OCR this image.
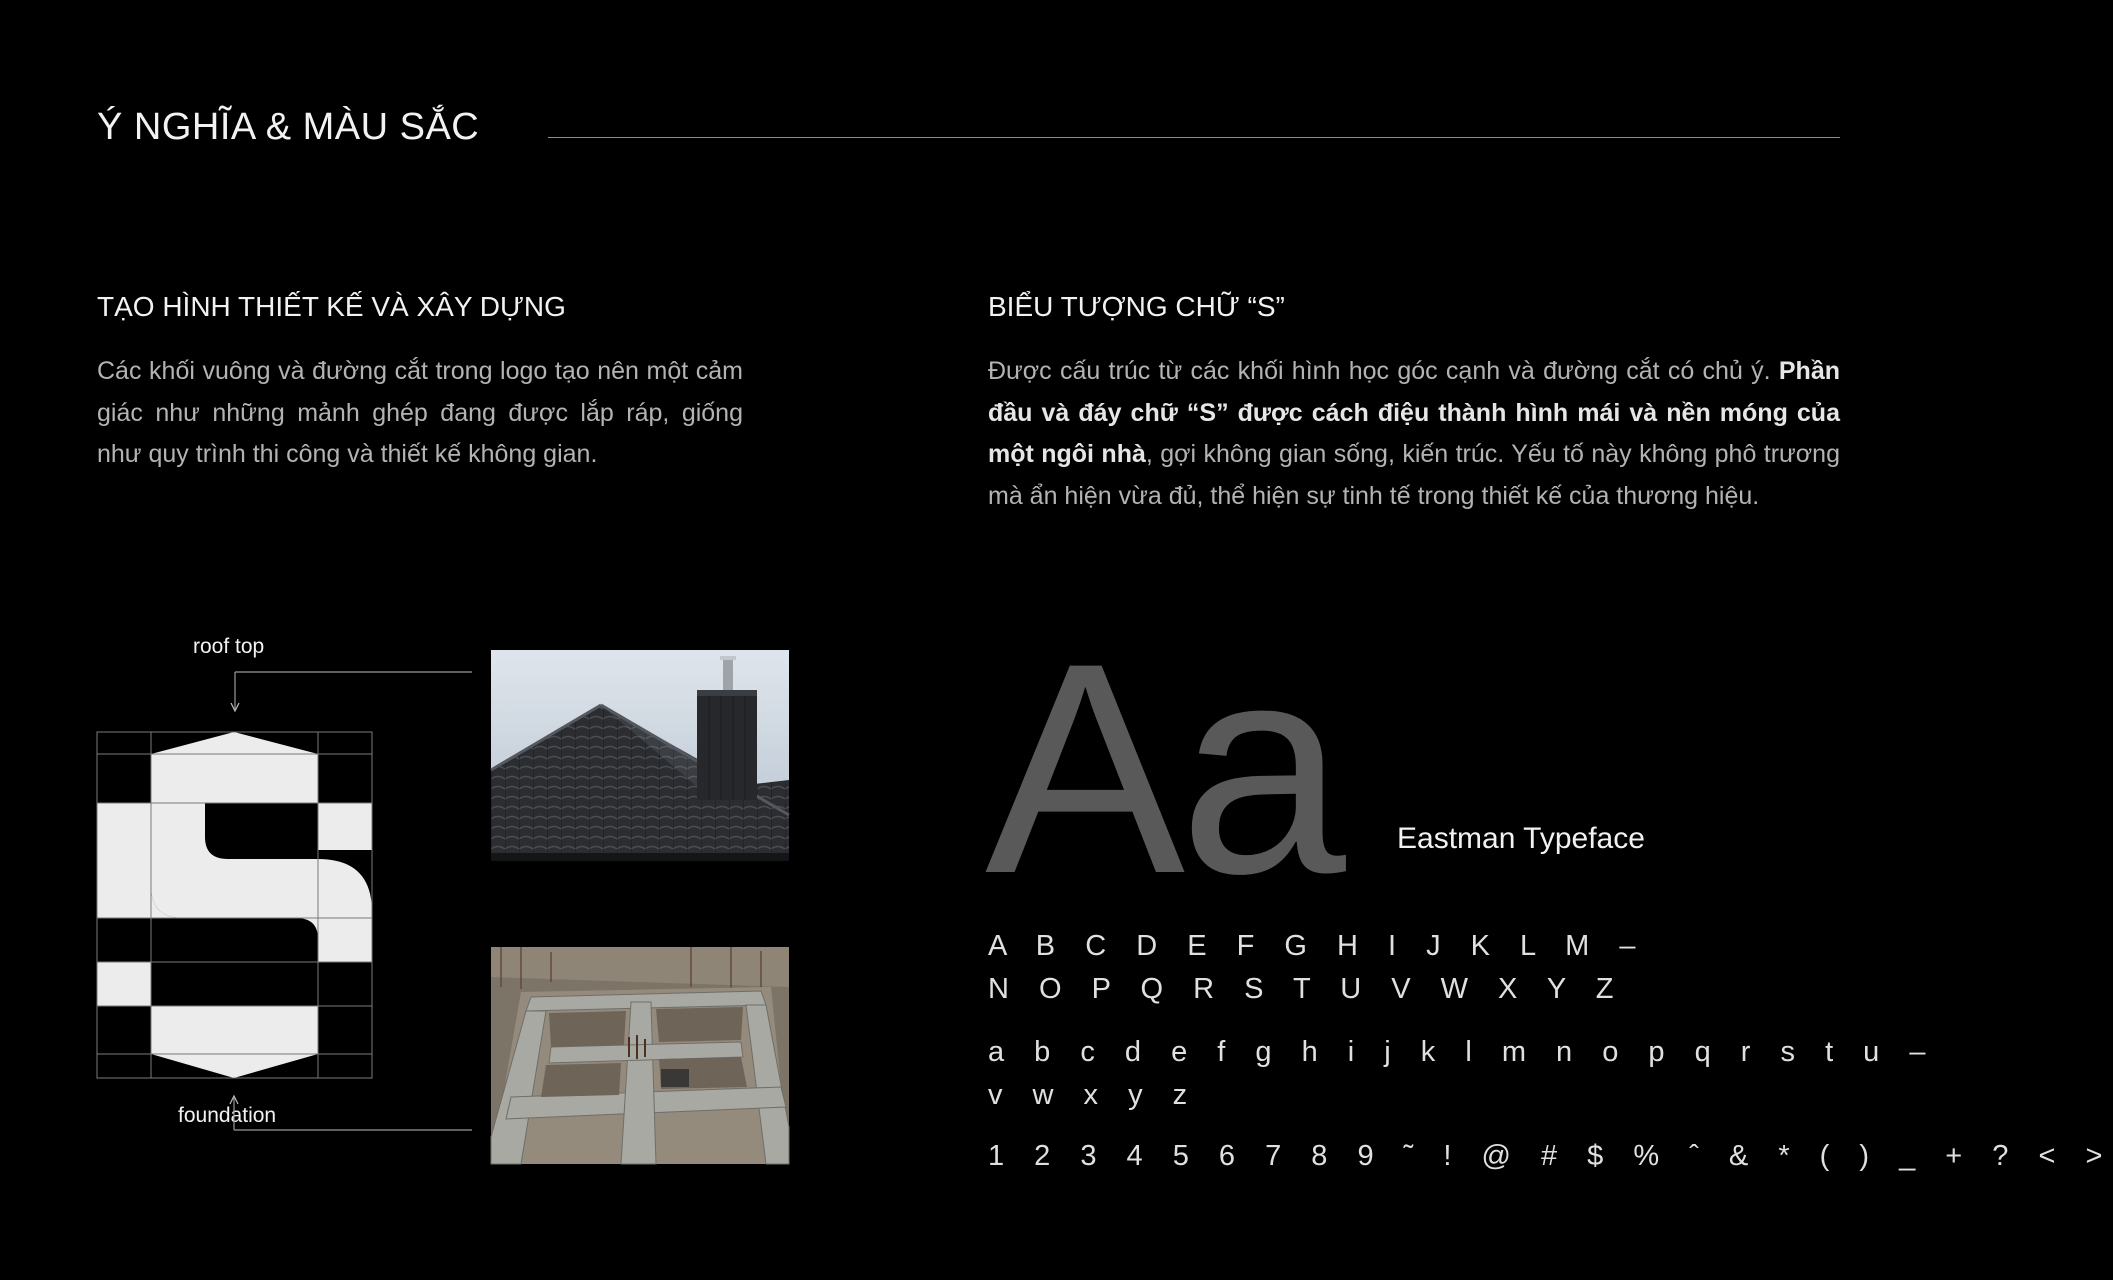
Ý NGHĨA & MÀU SẮC
TẠO HÌNH THIẾT KẾ VÀ XÂY DỰNG
Các khối vuông và đường cắt trong logo tạo nên một cảm giác như những mảnh ghép đang được lắp ráp, giống như quy trình thi công và thiết kế không gian.
roof top
foundation
BIỂU TƯỢNG CHỮ “S”
Được cấu trúc từ các khối hình học góc cạnh và đường cắt có chủ ý. Phần đầu và đáy chữ “S” được cách điệu thành hình mái và nền móng của một ngôi nhà, gợi không gian sống, kiến trúc. Yếu tố này không phô trương mà ẩn hiện vừa đủ, thể hiện sự tinh tế trong thiết kế của thương hiệu.
Aa Eastman Typeface
A B C D E F G H I J K L M –
N O P Q R S T U V W X Y Z
a b c d e f g h i j k l m n o p q r s t u –
v w x y z
1 2 3 4 5 6 7 8 9 ˜ ! @ # $ % ˆ & * ( ) _ + ? < >
